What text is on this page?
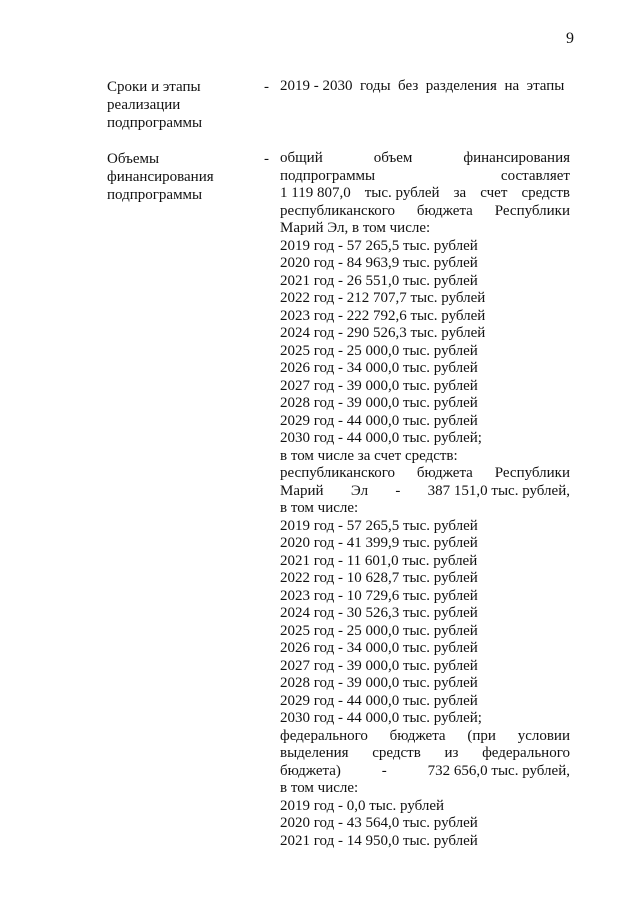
9
Сроки и этапы
реализации
подпрограммы
- 2019 - 2030  годы  без  разделения  на  этапы
Объемы
финансирования
подпрограммы
- общий	объем	финансирования
подпрограммы	составляет
1 119 807,0 тыс. рублей за счет средств
республиканского бюджета Республики
Марий Эл, в том числе:
2019 год - 57 265,5 тыс. рублей
2020 год - 84 963,9 тыс. рублей
2021 год - 26 551,0 тыс. рублей
2022 год - 212 707,7 тыс. рублей
2023 год - 222 792,6 тыс. рублей
2024 год - 290 526,3 тыс. рублей
2025 год - 25 000,0 тыс. рублей
2026 год - 34 000,0 тыс. рублей
2027 год - 39 000,0 тыс. рублей
2028 год - 39 000,0 тыс. рублей
2029 год - 44 000,0 тыс. рублей
2030 год - 44 000,0 тыс. рублей;
в том числе за счет средств:
республиканского бюджета Республики
Марий Эл - 387 151,0 тыс. рублей,
в том числе:
2019 год - 57 265,5 тыс. рублей
2020 год - 41 399,9 тыс. рублей
2021 год - 11 601,0 тыс. рублей
2022 год - 10 628,7 тыс. рублей
2023 год - 10 729,6 тыс. рублей
2024 год - 30 526,3 тыс. рублей
2025 год - 25 000,0 тыс. рублей
2026 год - 34 000,0 тыс. рублей
2027 год - 39 000,0 тыс. рублей
2028 год - 39 000,0 тыс. рублей
2029 год - 44 000,0 тыс. рублей
2030 год - 44 000,0 тыс. рублей;
федерального бюджета (при условии
выделения средств из федерального
бюджета)	-	732 656,0 тыс. рублей,
в том числе:
2019 год - 0,0 тыс. рублей
2020 год - 43 564,0 тыс. рублей
2021 год - 14 950,0 тыс. рублей
